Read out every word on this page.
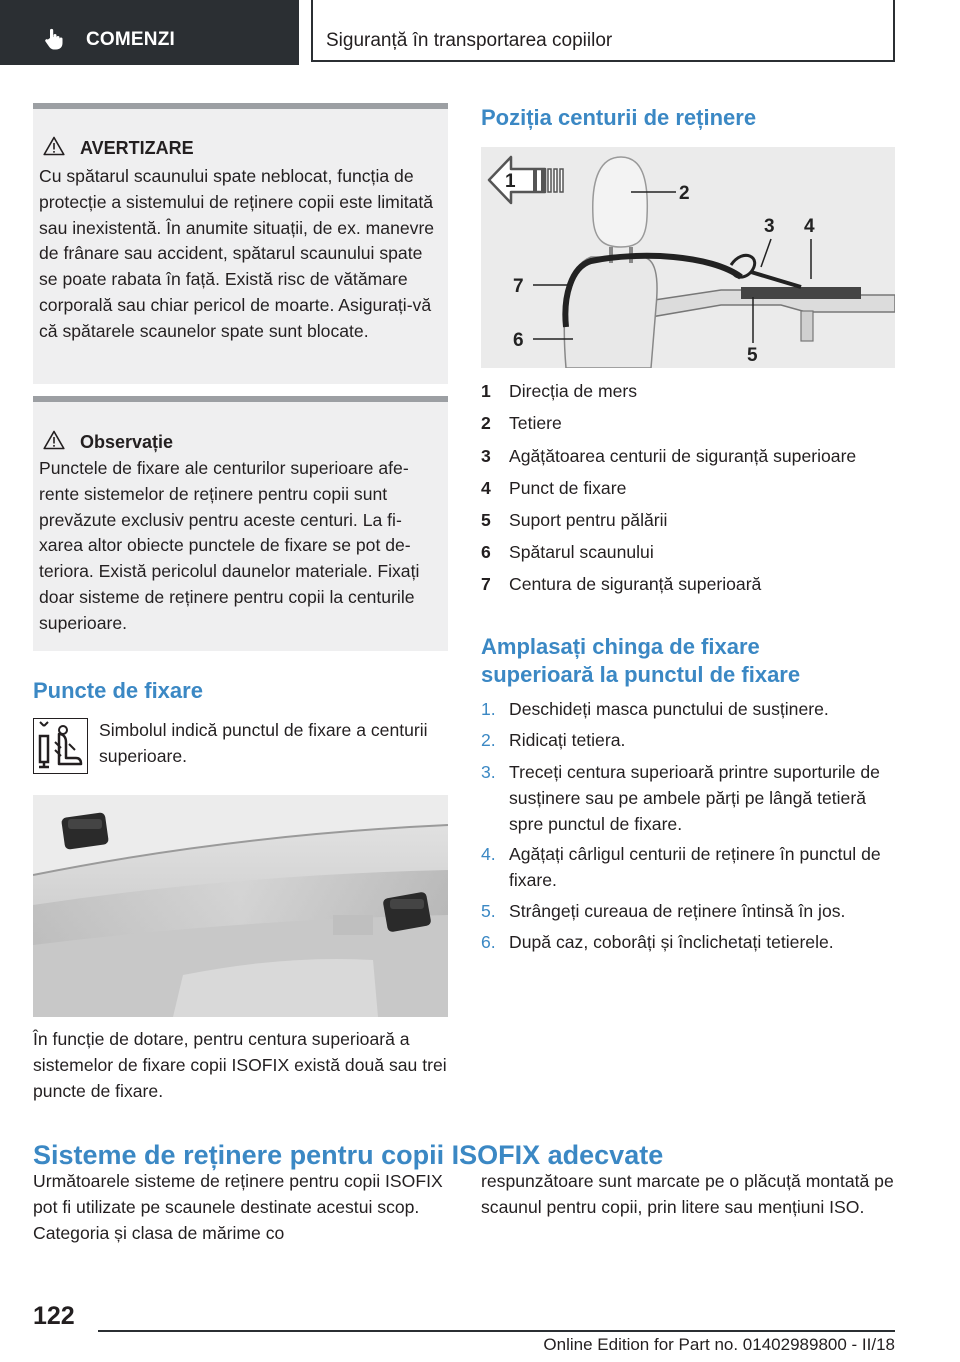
COMENZI	Siguranță în transportarea copiilor
AVERTIZARE

Cu spătarul scaunului spate neblocat, funcția de protecție a sistemului de reținere copii este limitată sau inexistentă. În anumite situații, de ex. manevre de frânare sau accident, spătarul scaunului spate se poate rabata în față. Există risc de vătămare corporală sau chiar pericol de moarte. Asigurați-vă că spătarele scaunelor spate sunt blocate.

Observație

Punctele de fixare ale centurilor superioare aferente sistemelor de reținere pentru copii sunt prevăzute exclusiv pentru aceste centuri. La fixarea altor obiecte punctele de fixare se pot deteriora. Există pericolul daunelor materiale. Fixați doar sisteme de reținere pentru copii la centurile superioare.

Puncte de fixare

Simbolul indică punctul de fixare a centurii superioare.

În funcție de dotare, pentru centura superioară a sistemelor de fixare copii ISOFIX există două sau trei puncte de fixare.

Poziția centurii de reținere
1
2
3 4
5
6
7
1 Direcția de mers
2 Tetiere
3 Agățătoarea centurii de siguranță superioare
4 Punct de fixare
5 Suport pentru pălării
6 Spătarul scaunului
7 Centura de siguranță superioară
Amplasați chinga de fixare
superioară la punctul de fixare
1. Deschideți masca punctului de susținere.
2. Ridicați tetiera.
3. Treceți centura superioară printre suporturile de susținere sau pe ambele părți pe lângă tetieră spre punctul de fixare.
4. Agățați cârligul centurii de reținere în punctul de fixare.
5. Strângeți cureaua de reținere întinsă în jos.
6. După caz, coborâți și înclichetați tetierele.
Sisteme de reținere pentru copii ISOFIX adecvate

Următoarele sisteme de reținere pentru copii ISOFIX pot fi utilizate pe scaunele destinate acestui scop. Categoria și clasa de mărime co

respunzătoare sunt marcate pe o plăcuță montată pe scaunul pentru copii, prin litere sau mențiuni ISO.

122
Online Edition for Part no. 01402989800 - II/18
